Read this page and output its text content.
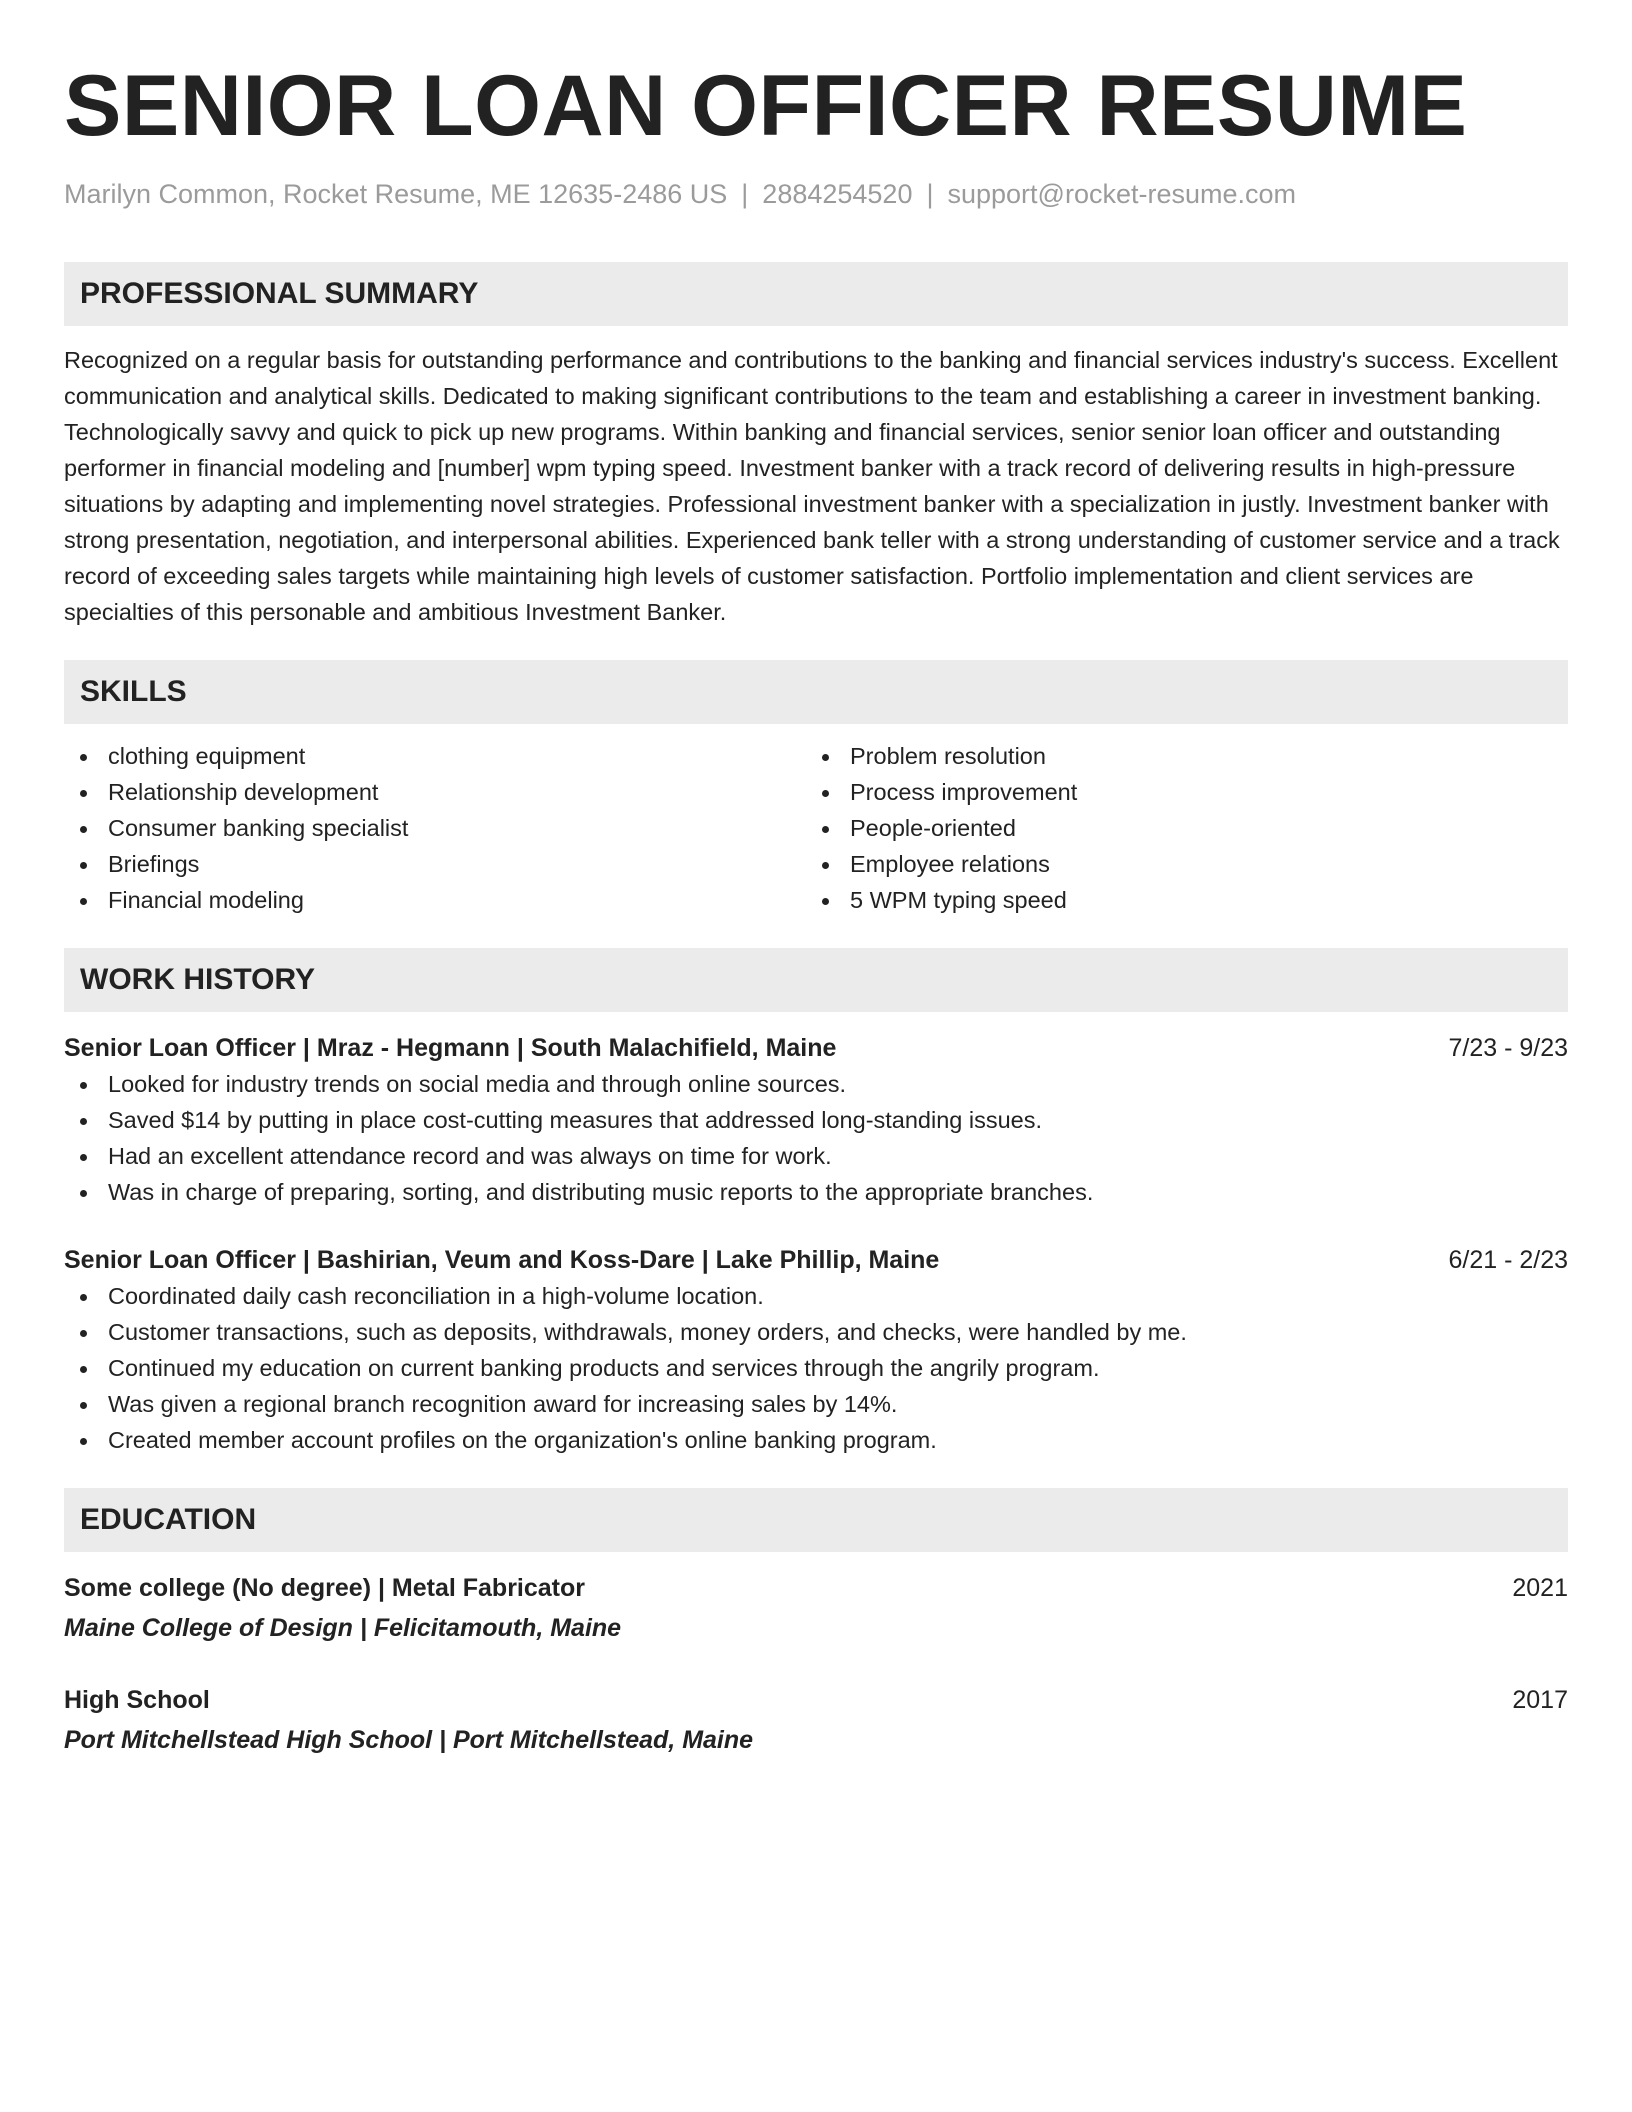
SENIOR LOAN OFFICER RESUME
Marilyn Common, Rocket Resume, ME 12635-2486 US | 2884254520 | support@rocket-resume.com
PROFESSIONAL SUMMARY

Recognized on a regular basis for outstanding performance and contributions to the banking and financial services industry's success. Excellent communication and analytical skills. Dedicated to making significant contributions to the team and establishing a career in investment banking. Technologically savvy and quick to pick up new programs. Within banking and financial services, senior senior loan officer and outstanding performer in financial modeling and [number] wpm typing speed. Investment banker with a track record of delivering results in high-pressure situations by adapting and implementing novel strategies. Professional investment banker with a specialization in justly. Investment banker with strong presentation, negotiation, and interpersonal abilities. Experienced bank teller with a strong understanding of customer service and a track record of exceeding sales targets while maintaining high levels of customer satisfaction. Portfolio implementation and client services are specialties of this personable and ambitious Investment Banker.

SKILLS
clothing equipment
Relationship development
Consumer banking specialist
Briefings
Financial modeling
Problem resolution
Process improvement
People-oriented
Employee relations
5 WPM typing speed
WORK HISTORY
Senior Loan Officer | Mraz - Hegmann | South Malachifield, Maine	7/23 - 9/23
Looked for industry trends on social media and through online sources.
Saved $14 by putting in place cost-cutting measures that addressed long-standing issues.
Had an excellent attendance record and was always on time for work.
Was in charge of preparing, sorting, and distributing music reports to the appropriate branches.
Senior Loan Officer | Bashirian, Veum and Koss-Dare | Lake Phillip, Maine	6/21 - 2/23
Coordinated daily cash reconciliation in a high-volume location.
Customer transactions, such as deposits, withdrawals, money orders, and checks, were handled by me.
Continued my education on current banking products and services through the angrily program.
Was given a regional branch recognition award for increasing sales by 14%.
Created member account profiles on the organization's online banking program.
EDUCATION
Some college (No degree) | Metal Fabricator	2021
Maine College of Design | Felicitamouth, Maine
High School	2017
Port Mitchellstead High School | Port Mitchellstead, Maine
